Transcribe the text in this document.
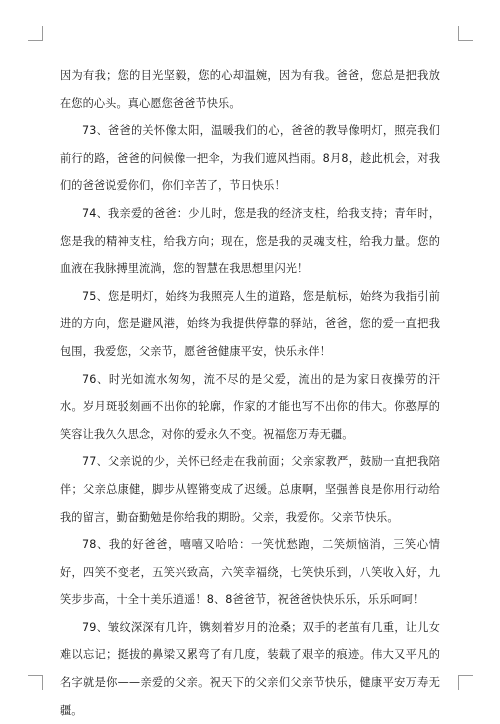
因为有我；您的目光坚毅，您的心却温婉，因为有我。爸爸，您总是把我放在您的心头。真心愿您爸爸节快乐。

73、爸爸的关怀像太阳，温暖我们的心，爸爸的教导像明灯，照亮我们前行的路，爸爸的问候像一把伞，为我们遮风挡雨。8月8，趁此机会，对我们的爸爸说爱你们，你们辛苦了，节日快乐！

74、我亲爱的爸爸：少儿时，您是我的经济支柱，给我支持；青年时，您是我的精神支柱，给我方向；现在，您是我的灵魂支柱，给我力量。您的血液在我脉搏里流淌，您的智慧在我思想里闪光！

75、您是明灯，始终为我照亮人生的道路，您是航标，始终为我指引前进的方向，您是避风港，始终为我提供停靠的驿站，爸爸，您的爱一直把我包围，我爱您，父亲节，愿爸爸健康平安，快乐永伴！

76、时光如流水匆匆，流不尽的是父爱，流出的是为家日夜操劳的汗水。岁月斑驳刻画不出你的轮廓，作家的才能也写不出你的伟大。你憨厚的笑容让我久久思念，对你的爱永久不变。祝福您万寿无疆。

77、父亲说的少，关怀已经走在我前面；父亲家教严，鼓励一直把我陪伴；父亲总康健，脚步从铿锵变成了迟缓。总康啊，坚强善良是你用行动给我的留言，勤奋勤勉是你给我的期盼。父亲，我爱你。父亲节快乐。

78、我的好爸爸，嘻嘻又哈哈：一笑忧愁跑，二笑烦恼消，三笑心情好，四笑不变老，五笑兴致高，六笑幸福绕，七笑快乐到，八笑收入好，九笑步步高，十全十美乐逍遥！8、8爸爸节，祝爸爸快快乐乐，乐乐呵呵！

79、皱纹深深有几许，镌刻着岁月的沧桑；双手的老茧有几重，让儿女难以忘记；挺拔的鼻梁又累弯了有几度，装载了艰辛的痕迹。伟大又平凡的名字就是你——亲爱的父亲。祝天下的父亲们父亲节快乐，健康平安万寿无疆。
